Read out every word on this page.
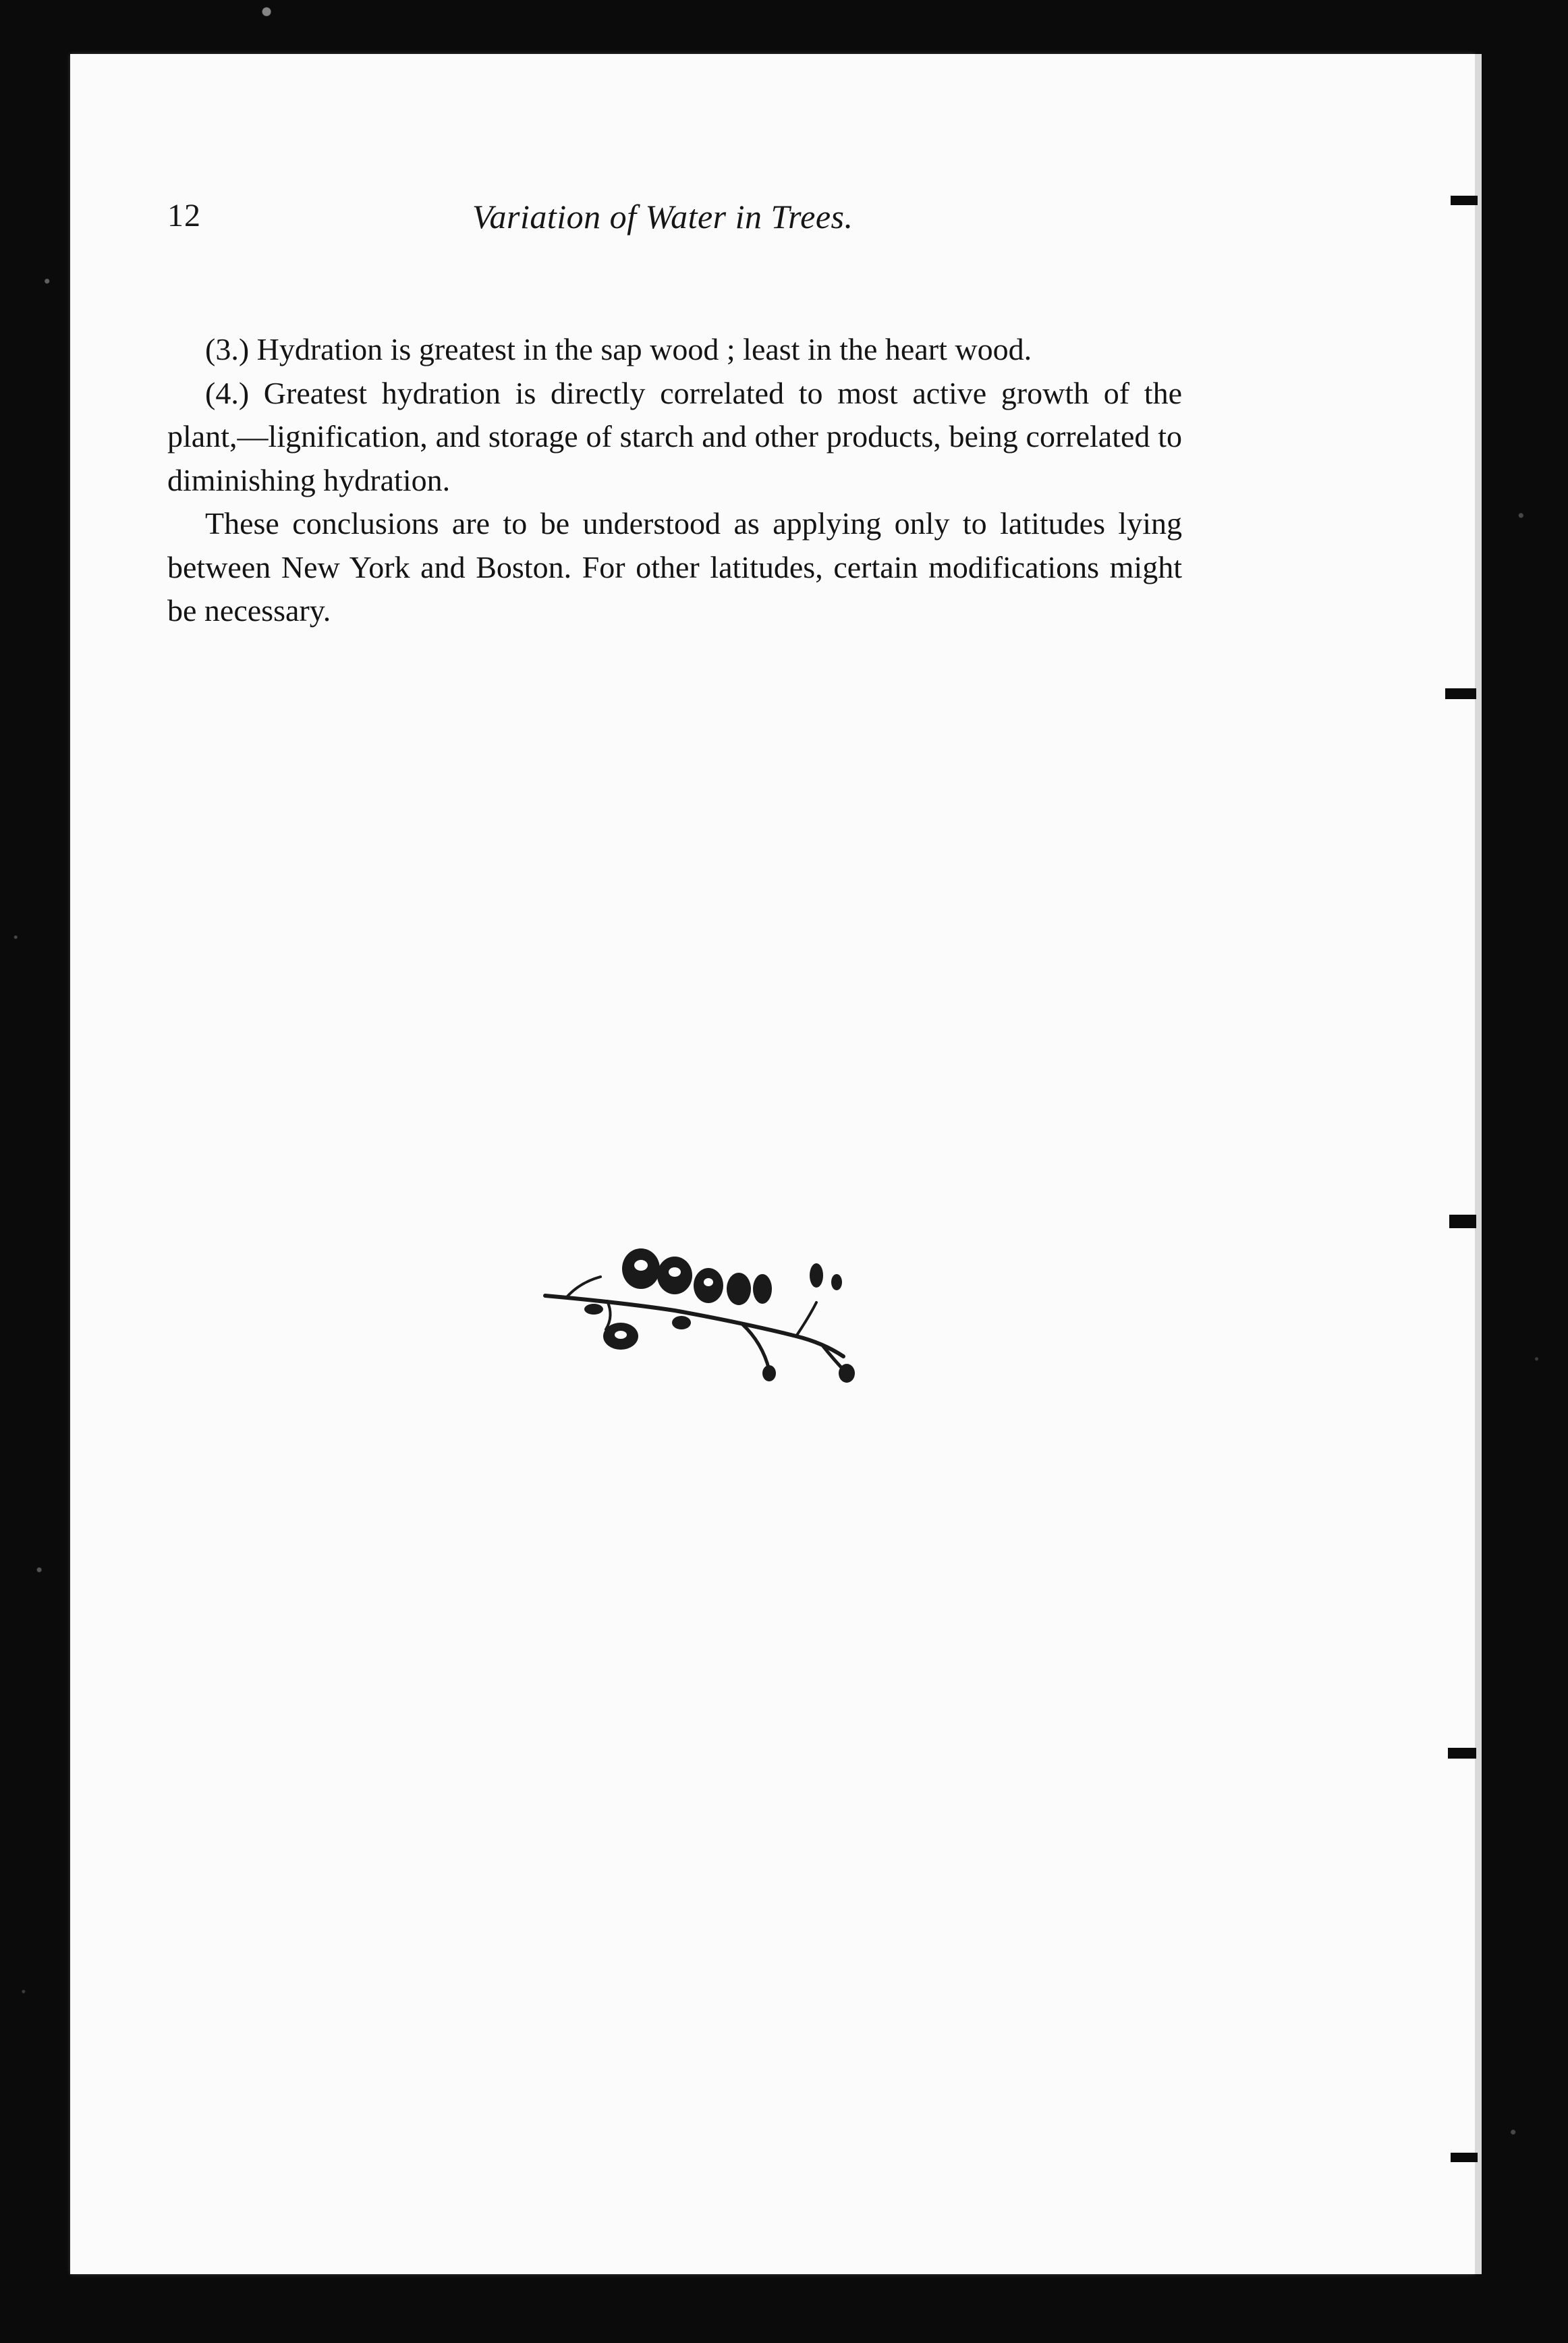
12	Variation of Water in Trees.

(3.) Hydration is greatest in the sap wood ; least in the heart wood.

(4.) Greatest hydration is directly correlated to most active growth of the plant,—lignification, and storage of starch and other products, being correlated to diminishing hydration.

These conclusions are to be understood as applying only to latitudes lying between New York and Boston. For other latitudes, certain modifications might be necessary.
